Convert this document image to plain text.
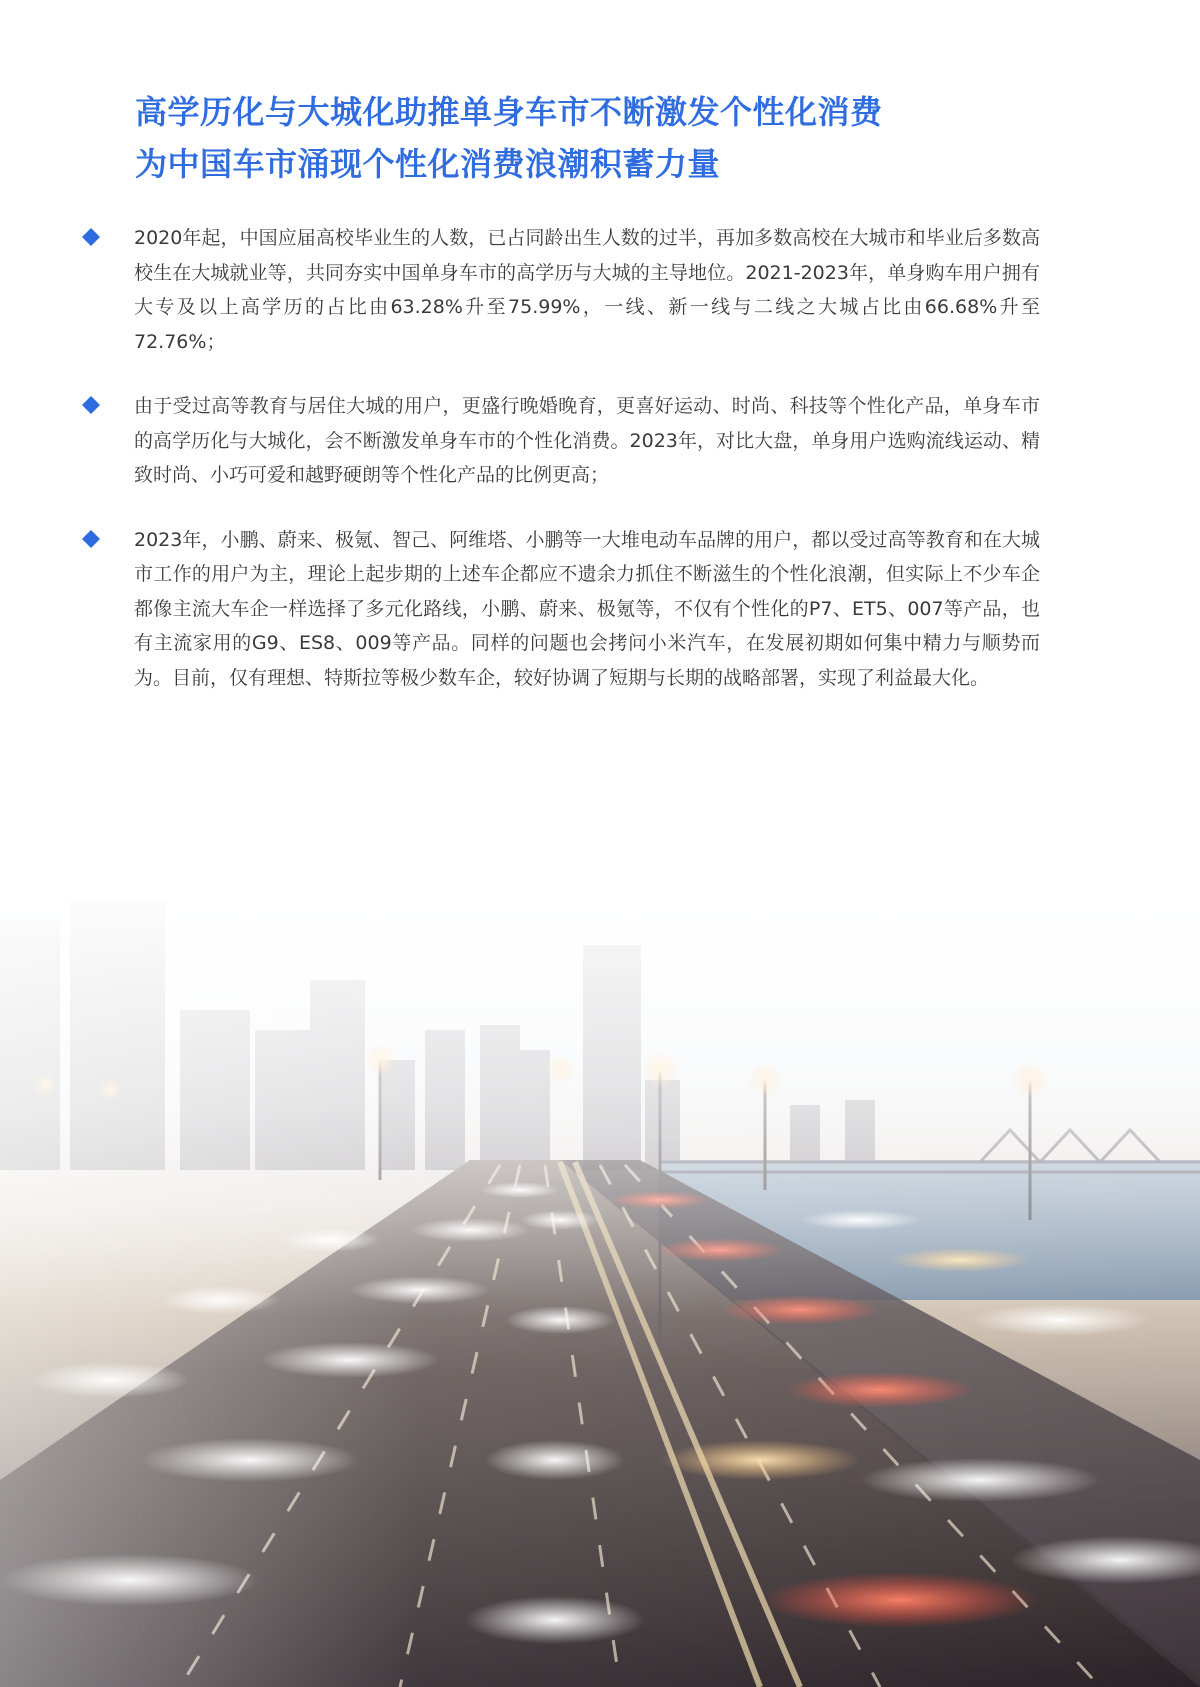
高学历化与大城化助推单身车市不断激发个性化消费
为中国车市涌现个性化消费浪潮积蓄力量

2020年起，中国应届高校毕业生的人数，已占同龄出生人数的过半，再加多数高校在大城市和毕业后多数高校生在大城就业等，共同夯实中国单身车市的高学历与大城的主导地位。2021-2023年，单身购车用户拥有大专及以上高学历的占比由63.28%升至75.99%，一线、新一线与二线之大城占比由66.68%升至72.76%；

由于受过高等教育与居住大城的用户，更盛行晚婚晚育，更喜好运动、时尚、科技等个性化产品，单身车市的高学历化与大城化，会不断激发单身车市的个性化消费。2023年，对比大盘，单身用户选购流线运动、精致时尚、小巧可爱和越野硬朗等个性化产品的比例更高；

2023年，小鹏、蔚来、极氪、智己、阿维塔、小鹏等一大堆电动车品牌的用户，都以受过高等教育和在大城市工作的用户为主，理论上起步期的上述车企都应不遗余力抓住不断滋生的个性化浪潮，但实际上不少车企都像主流大车企一样选择了多元化路线，小鹏、蔚来、极氪等，不仅有个性化的P7、ET5、007等产品，也有主流家用的G9、ES8、009等产品。同样的问题也会拷问小米汽车，在发展初期如何集中精力与顺势而为。目前，仅有理想、特斯拉等极少数车企，较好协调了短期与长期的战略部署，实现了利益最大化。
